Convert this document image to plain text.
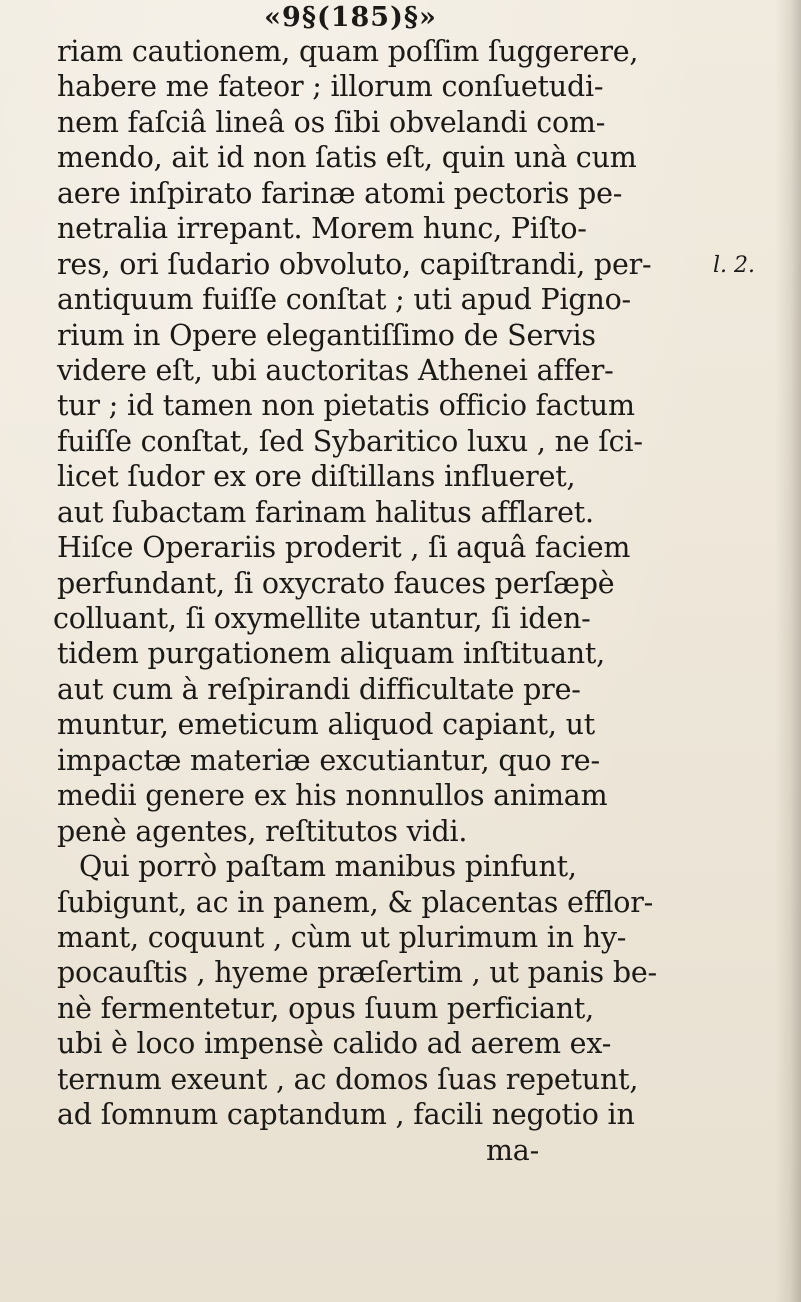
«9§(185)§»
l. 2.
riam cautionem, quam poſſim ſuggerere,
habere me fateor ; illorum conſuetudi-
nem faſciâ lineâ os ſibi obvelandi com-
mendo, ait id non ſatis eſt, quin unà cum
aere inſpirato farinæ atomi pectoris pe-
netralia irrepant. Morem hunc, Piſto-
res, ori ſudario obvoluto, capiſtrandi, per-
antiquum fuiſſe conſtat ; uti apud Pigno-
rium in Opere elegantiſſimo de Servis
videre eſt, ubi auctoritas Athenei affer-
tur ; id tamen non pietatis officio factum
fuiſſe conſtat, ſed Sybaritico luxu , ne ſci-
licet ſudor ex ore diſtillans influeret,
aut ſubactam farinam halitus afflaret.
Hiſce Operariis proderit , ſi aquâ faciem
perfundant, ſi oxycrato fauces perſæpè
colluant, ſi oxymellite utantur, ſi iden-
tidem purgationem aliquam inſtituant,
aut cum à reſpirandi difficultate pre-
muntur, emeticum aliquod capiant, ut
impactæ materiæ excutiantur, quo re-
medii genere ex his nonnullos animam
penè agentes, reſtitutos vidi.
Qui porrò paſtam manibus pinfunt,
ſubigunt, ac in panem, & placentas efflor-
mant, coquunt , cùm ut plurimum in hy-
pocauſtis , hyeme præſertim , ut panis be-
nè fermentetur, opus ſuum perficiant,
ubi è loco impensè calido ad aerem ex-
ternum exeunt , ac domos ſuas repetunt,
ad ſomnum captandum , facili negotio in
ma-
